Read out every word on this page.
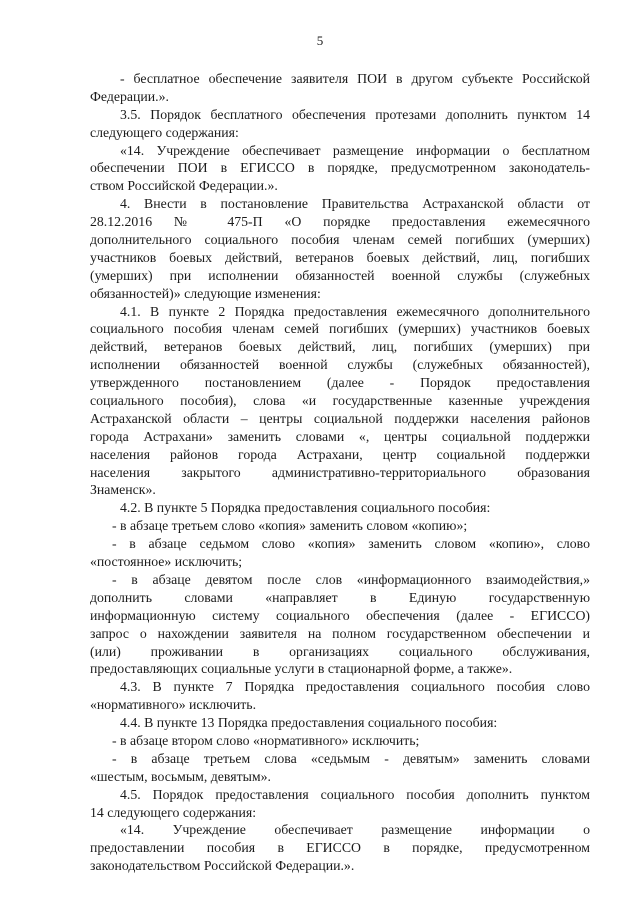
5
- бесплатное обеспечение заявителя ПОИ в другом субъекте Российской
Федерации.».
3.5. Порядок бесплатного обеспечения протезами дополнить пунктом 14
следующего содержания:
«14. Учреждение обеспечивает размещение информации о бесплатном
обеспечении ПОИ в ЕГИССО в порядке, предусмотренном законодатель-
ством Российской Федерации.».
4. Внести в постановление Правительства Астраханской области от
28.12.2016 № 475-П «О порядке предоставления ежемесячного
дополнительного социального пособия членам семей погибших (умерших)
участников боевых действий, ветеранов боевых действий, лиц, погибших
(умерших) при исполнении обязанностей военной службы (служебных
обязанностей)» следующие изменения:
4.1. В пункте 2 Порядка предоставления ежемесячного дополнительного
социального пособия членам семей погибших (умерших) участников боевых
действий, ветеранов боевых действий, лиц, погибших (умерших) при
исполнении обязанностей военной службы (служебных обязанностей),
утвержденного постановлением (далее - Порядок предоставления
социального пособия), слова «и государственные казенные учреждения
Астраханской области – центры социальной поддержки населения районов
города Астрахани» заменить словами «, центры социальной поддержки
населения районов города Астрахани, центр социальной поддержки
населения закрытого административно-территориального образования
Знаменск».
4.2. В пункте 5 Порядка предоставления социального пособия:
- в абзаце третьем слово «копия» заменить словом «копию»;
- в абзаце седьмом слово «копия» заменить словом «копию», слово
«постоянное» исключить;
- в абзаце девятом после слов «информационного взаимодействия,»
дополнить словами «направляет в Единую государственную
информационную систему социального обеспечения (далее - ЕГИССО)
запрос о нахождении заявителя на полном государственном обеспечении и
(или) проживании в организациях социального обслуживания,
предоставляющих социальные услуги в стационарной форме, а также».
4.3. В пункте 7 Порядка предоставления социального пособия слово
«нормативного» исключить.
4.4. В пункте 13 Порядка предоставления социального пособия:
- в абзаце втором слово «нормативного» исключить;
- в абзаце третьем слова «седьмым - девятым» заменить словами
«шестым, восьмым, девятым».
4.5. Порядок предоставления социального пособия дополнить пунктом
14 следующего содержания:
«14. Учреждение обеспечивает размещение информации о
предоставлении пособия в ЕГИССО в порядке, предусмотренном
законодательством Российской Федерации.».
